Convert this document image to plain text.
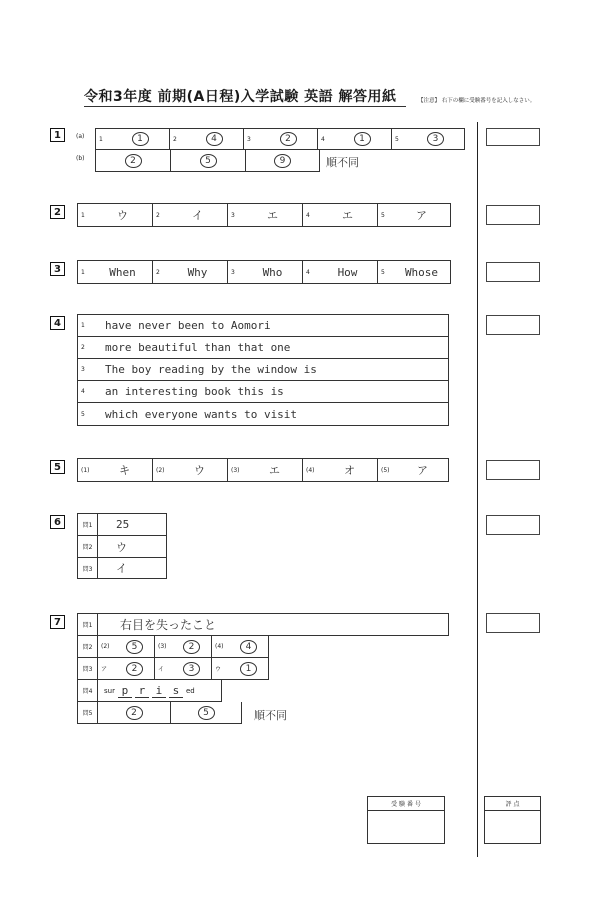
令和3年度 前期(A日程)入学試験 英語 解答用紙	【注意】 右下の欄に受験番号を記入しなさい。
1	(a)	1	1	2	4	3	2	4	1	5	3
(b)	2	5	9	順不同
2	1	ウ	2	イ	3	エ	4	エ	5	ア
3	1	When	2	Why	3	Who	4	How	5	Whose
4	1	have never been to Aomori
2	more beautiful than that one
3	The boy reading by the window is
4	an interesting book this is
5	which everyone wants to visit
5	(1)	キ	(2)	ウ	(3)	エ	(4)	オ	(5)	ア
6	問1	25
問2	ウ
問3	イ
7	問1	右目を失ったこと
問2	(2)	5	(3)	2	(4)	4
問3	ア	2	イ	3	ウ	1
問4	sur p r i s ed
問5	2	5	順不同
受 験 番 号	評 点
